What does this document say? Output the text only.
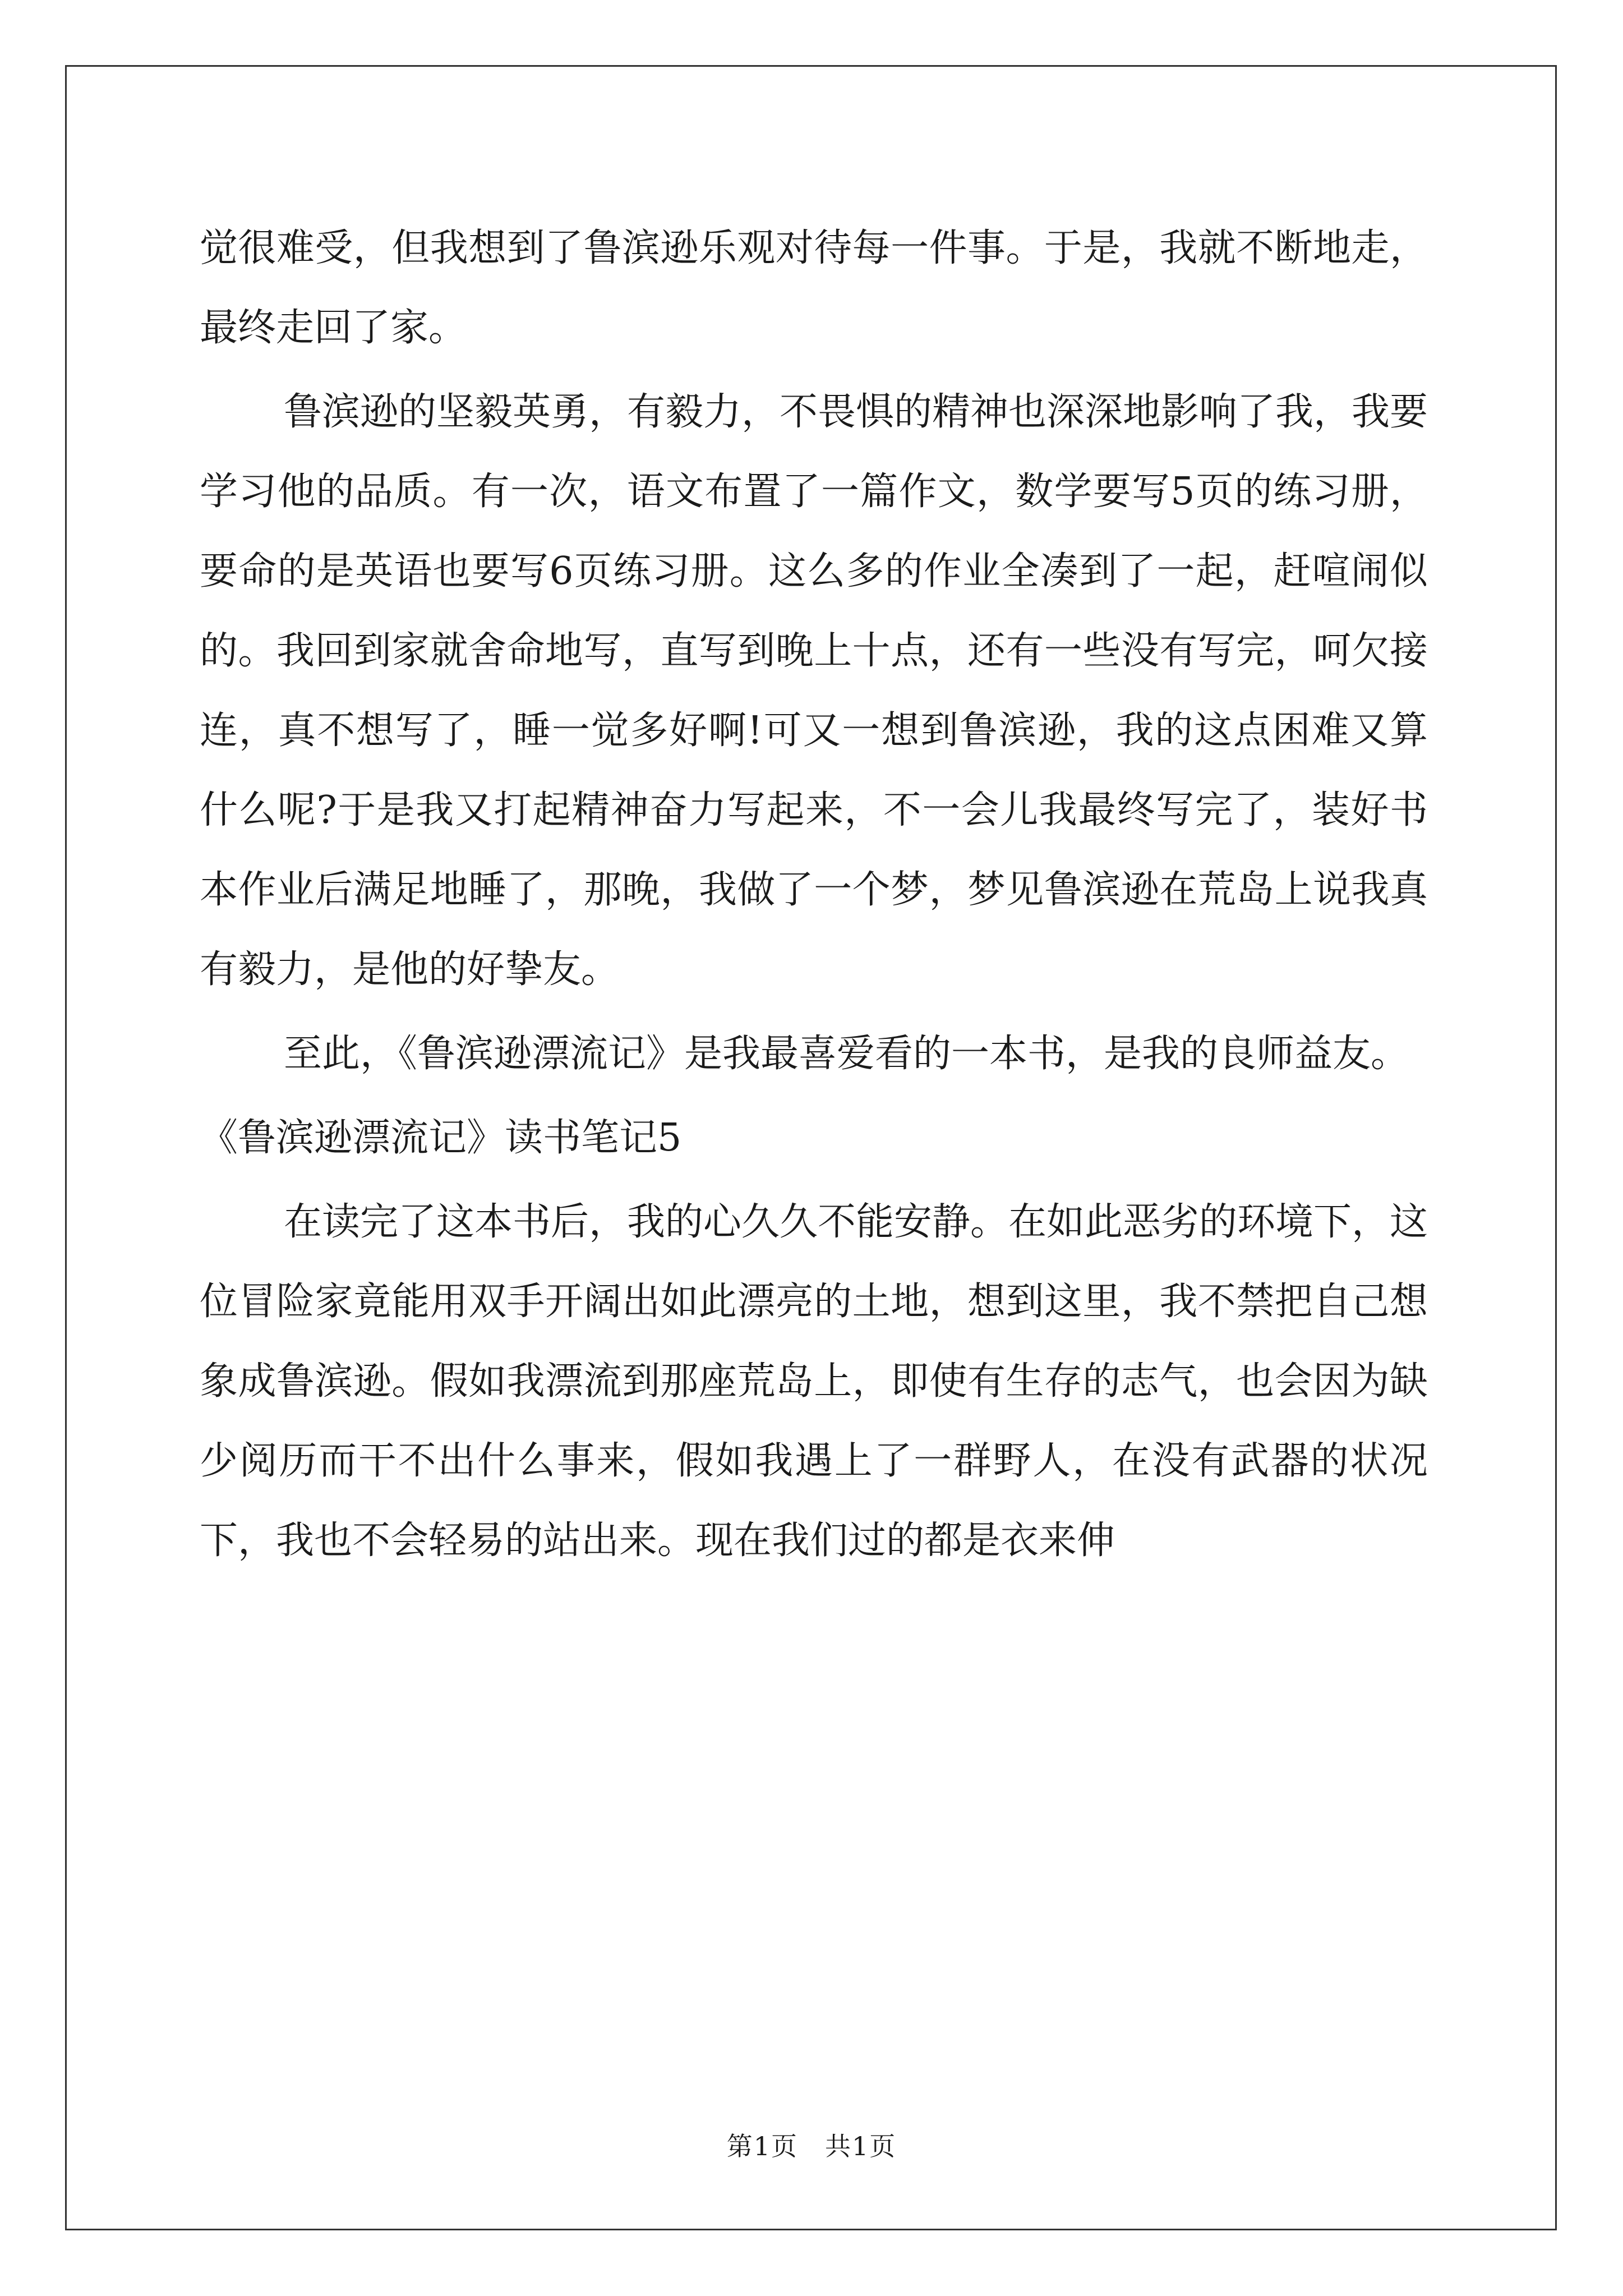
觉很难受，但我想到了鲁滨逊乐观对待每一件事。于是，我就不断地走，最终走回了家。

鲁滨逊的坚毅英勇，有毅力，不畏惧的精神也深深地影响了我，我要学习他的品质。有一次，语文布置了一篇作文，数学要写5页的练习册，要命的是英语也要写6页练习册。这么多的作业全凑到了一起，赶喧闹似的。我回到家就舍命地写，直写到晚上十点，还有一些没有写完，呵欠接连，真不想写了，睡一觉多好啊!可又一想到鲁滨逊，我的这点困难又算什么呢?于是我又打起精神奋力写起来，不一会儿我最终写完了，装好书本作业后满足地睡了，那晚，我做了一个梦，梦见鲁滨逊在荒岛上说我真有毅力，是他的好挚友。

至此，《鲁滨逊漂流记》是我最喜爱看的一本书，是我的良师益友。

《鲁滨逊漂流记》读书笔记5

在读完了这本书后，我的心久久不能安静。在如此恶劣的环境下，这位冒险家竟能用双手开阔出如此漂亮的土地，想到这里，我不禁把自己想象成鲁滨逊。假如我漂流到那座荒岛上，即使有生存的志气，也会因为缺少阅历而干不出什么事来，假如我遇上了一群野人，在没有武器的状况下，我也不会轻易的站出来。现在我们过的都是衣来伸

第1页　共1页
